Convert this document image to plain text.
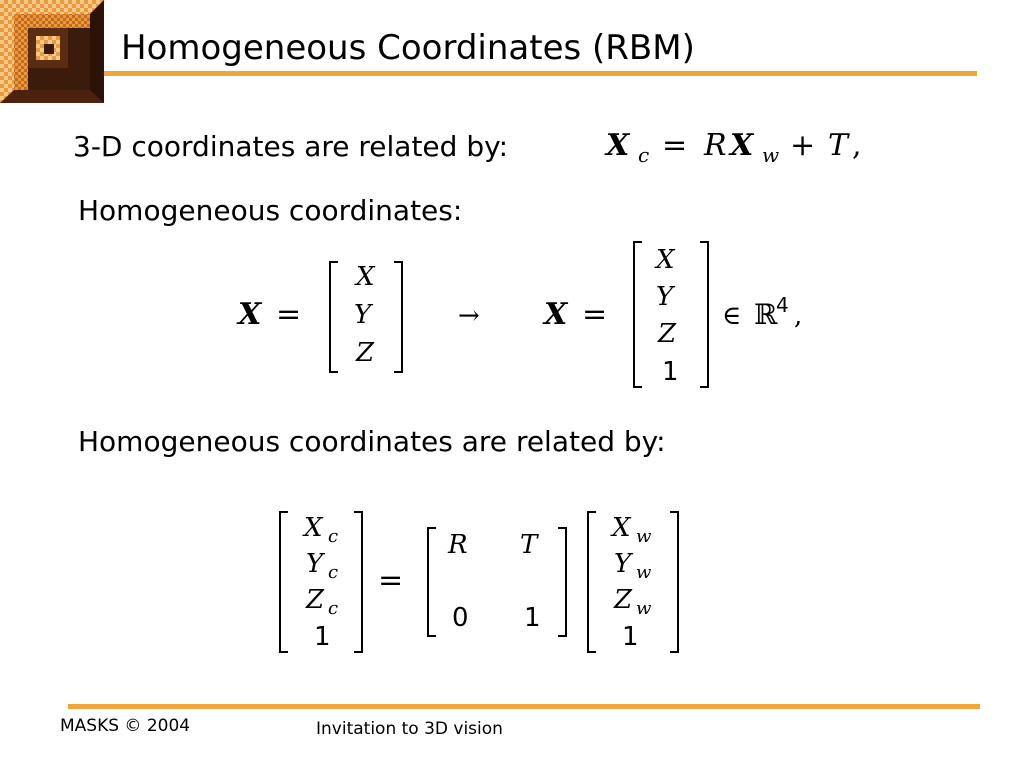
Homogeneous Coordinates (RBM)
3-D coordinates are related by:	X c = R X w + T ,
Homogeneous coordinates:
X =
X
Y
Z
→ X =
X
Y
Z
1
∈ ℝ
4 ,
Homogeneous coordinates are related by:
X c
Y c
Z c
1
=
R T
0 1
X w
Y w
Z w
1
MASKS © 2004	Invitation to 3D vision
